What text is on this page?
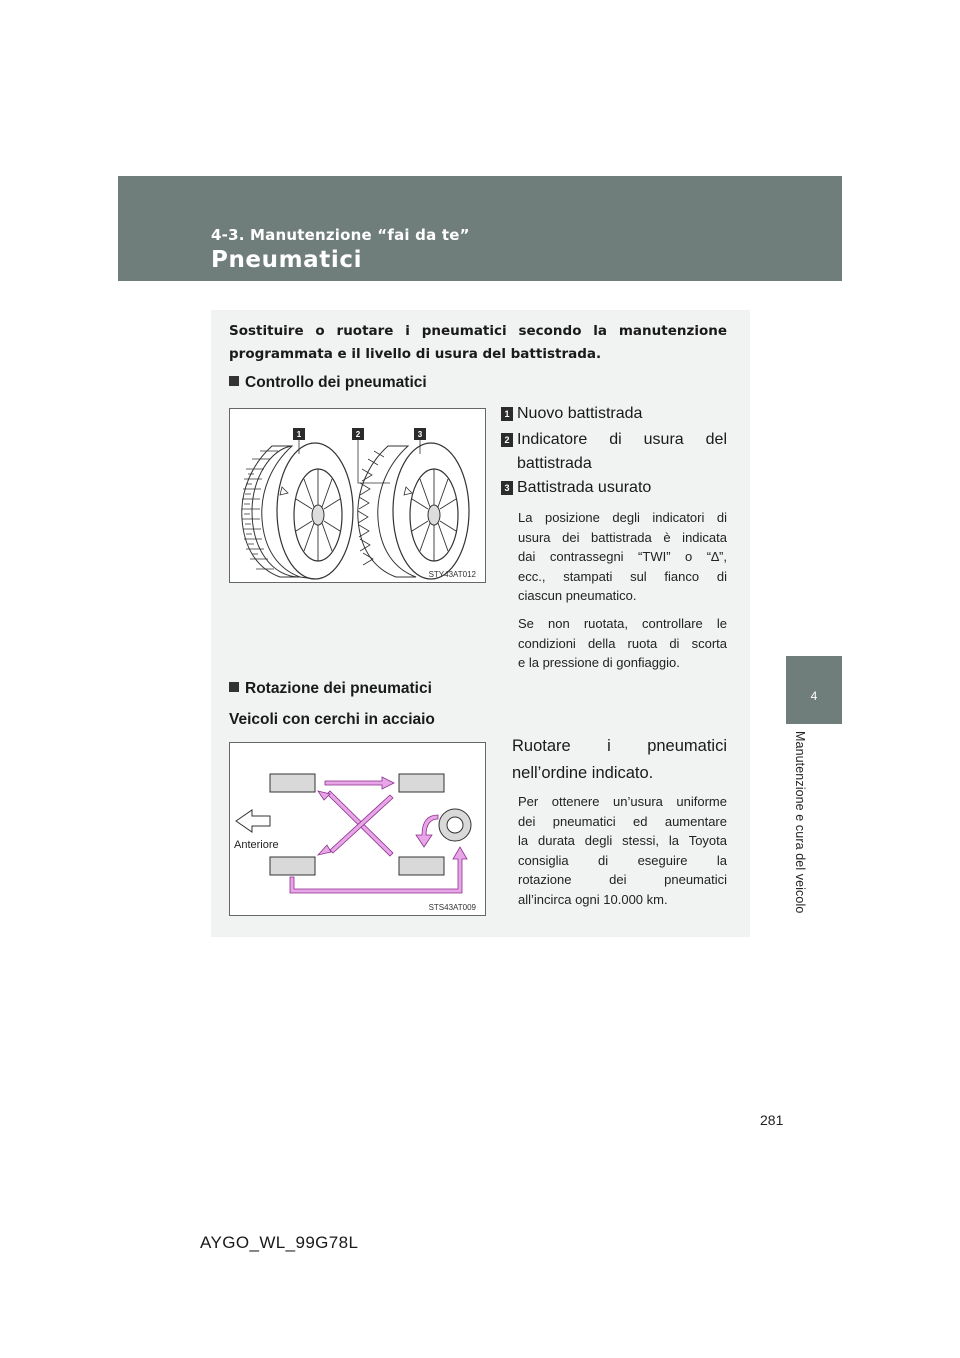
4-3. Manutenzione “fai da te”
Pneumatici
4
Manutenzione e cura del veicolo
Sostituire o ruotare i pneumatici secondo la manutenzione
programmata e il livello di usura del battistrada.
Controllo dei pneumatici
1	2	3
STY43AT012
1 Nuovo battistrada
2 Indicatore di usura del
battistrada
3 Battistrada usurato
La posizione degli indicatori di
usura dei battistrada è indicata
dai contrassegni “TWI” o “∆”,
ecc., stampati sul fianco di
ciascun pneumatico.
Se non ruotata, controllare le
condizioni della ruota di scorta
e la pressione di gonfiaggio.
Rotazione dei pneumatici
Veicoli con cerchi in acciaio
Anteriore
STS43AT009
Ruotare i pneumatici
nell’ordine indicato.
Per ottenere un’usura uniforme
dei pneumatici ed aumentare
la durata degli stessi, la Toyota
consiglia di eseguire la
rotazione dei pneumatici
all’incirca ogni 10.000 km.
281
AYGO_WL_99G78L
